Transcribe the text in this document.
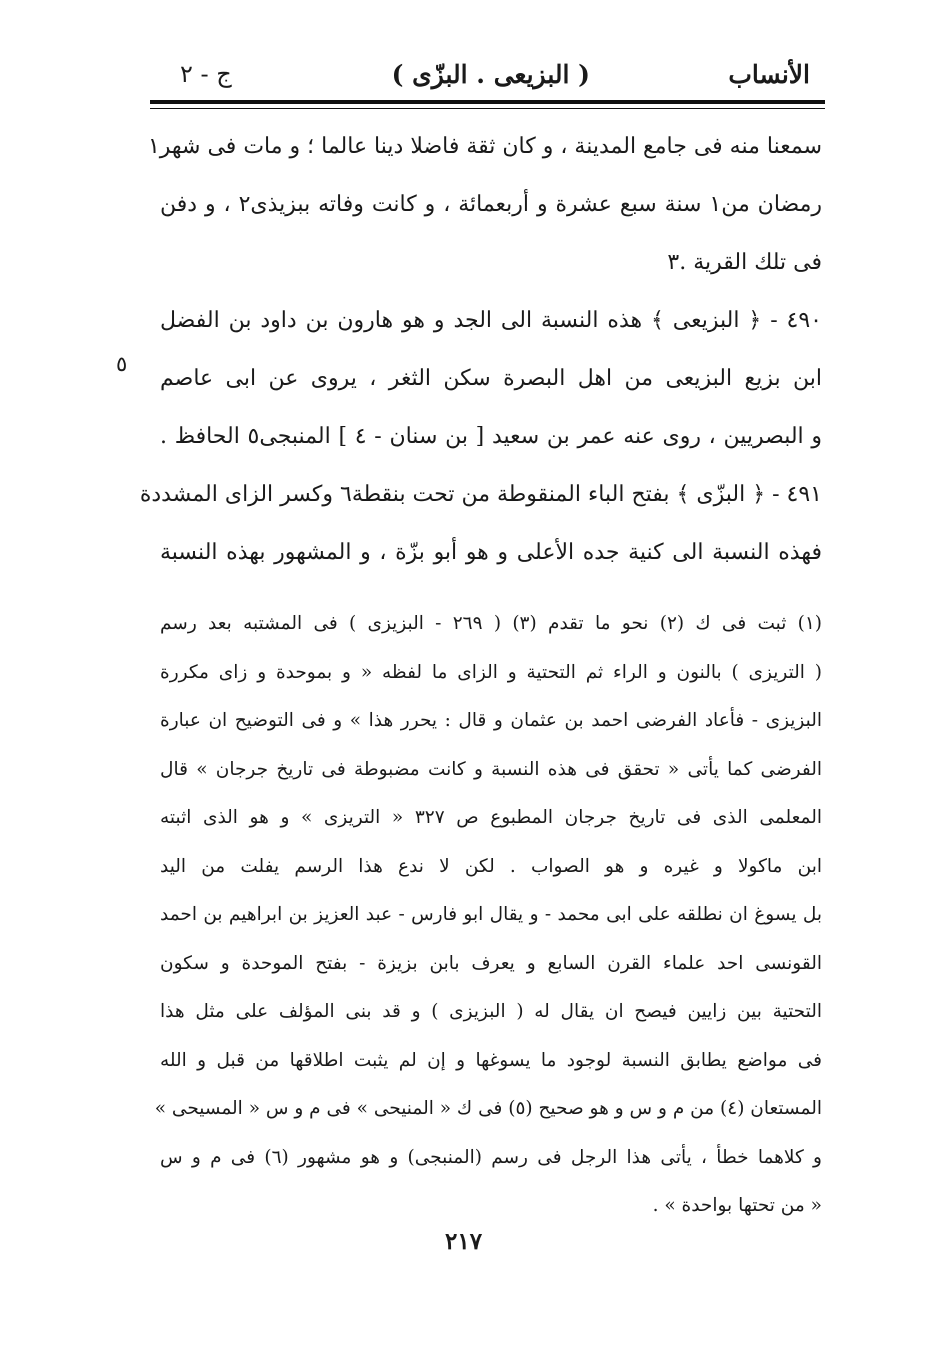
الأنساب
( البزيعى . البزّى )
ج - ٢
سمعنا منه فى جامع المدينة ، و كان ثقة فاضلا دينا عالما ؛ و مات فى شهر١
رمضان من١ سنة سبع عشرة و أربعمائة ، و كانت وفاته ببزيذى٢ ، و دفن
فى تلك القرية .٣
٤٩٠ - ﴿ البزيعى ﴾ هذه النسبة الى الجد و هو هارون بن داود بن الفضل
ابن بزيع البزيعى من اهل البصرة سكن الثغر ، يروى عن ابى عاصم
و البصريين ، روى عنه عمر بن سعيد [ بن سنان - ٤ ] المنبجى٥ الحافظ .
٤٩١ - ﴿ البزّى ﴾ بفتح الباء المنقوطة من تحت بنقطة٦ وكسر الزاى المشددة
فهذه النسبة الى كنية جده الأعلى و هو أبو بزّة ، و المشهور بهذه النسبة
٥
(١) ثبت فى ك (٢) نحو ما تقدم (٣) ( ٢٦٩ - البزيزى ) فى المشتبه بعد رسم
( التريزى ) بالنون و الراء ثم التحتية و الزاى ما لفظه « و بموحدة و زاى مكررة
البزيزى - فأعاد الفرضى احمد بن عثمان و قال : يحرر هذا » و فى التوضيح ان عبارة
الفرضى كما يأتى « تحقق فى هذه النسبة و كانت مضبوطة فى تاريخ جرجان » قال
المعلمى الذى فى تاريخ جرجان المطبوع ص ٣٢٧ « التريزى » و هو الذى اثبته
ابن ماكولا و غيره و هو الصواب . لكن لا ندع هذا الرسم يفلت من اليد
بل يسوغ ان نطلقه على ابى محمد - و يقال ابو فارس - عبد العزيز بن ابراهيم بن احمد
القونسى احد علماء القرن السابع و يعرف بابن بزيزة - بفتح الموحدة و سكون
التحتية بين زايين فيصح ان يقال له ( البزيزى ) و قد بنى المؤلف على مثل هذا
فى مواضع يطابق النسبة لوجود ما يسوغها و إن لم يثبت اطلاقها من قبل و الله
المستعان (٤) من م و س و هو صحيح (٥) فى ك « المنيحى » فى م و س « المسيحى »
و كلاهما خطأ ، يأتى هذا الرجل فى رسم (المنبجى) و هو مشهور (٦) فى م و س
« من تحتها بواحدة » .
٢١٧
